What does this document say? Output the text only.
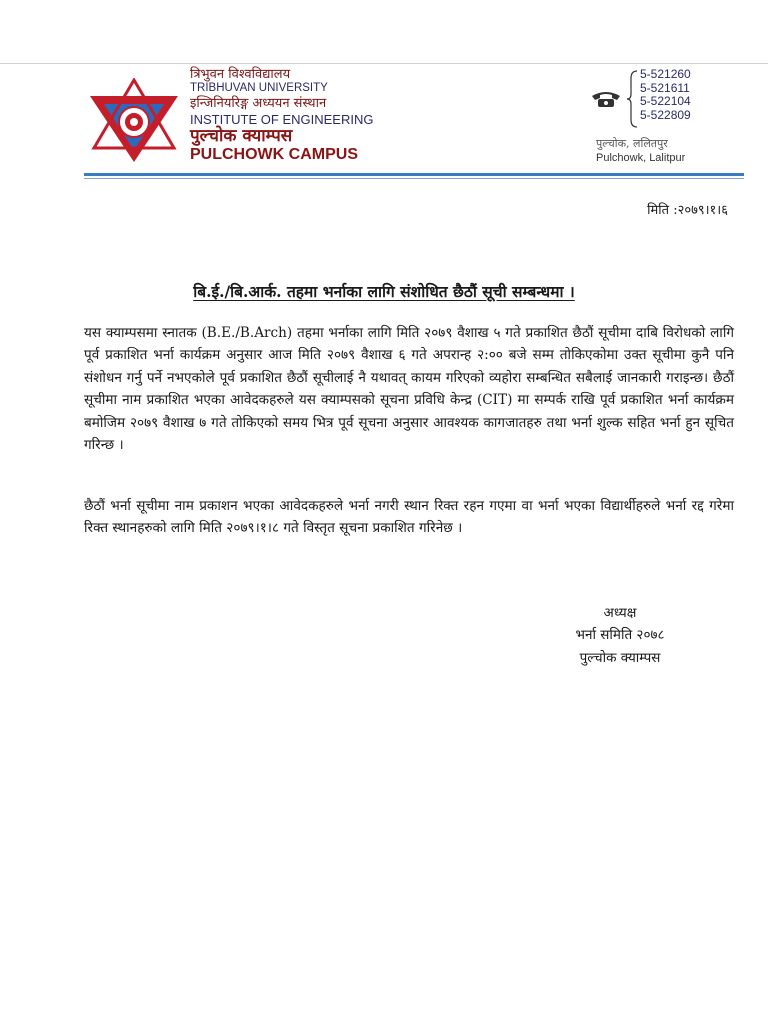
त्रिभुवन विश्वविद्यालय
TRIBHUVAN UNIVERSITY
इन्जिनियरिङ्ग अध्ययन संस्थान
INSTITUTE OF ENGINEERING
पुल्चोक क्याम्पस
PULCHOWK CAMPUS
5-521260
5-521611
5-522104
5-522809
पुल्चोक, ललितपुर
Pulchowk, Lalitpur
मिति :२०७९।१।६
बि.ई./बि.आर्क. तहमा भर्नाका लागि संशोधित छैठौं सूची सम्बन्धमा ।
यस क्याम्पसमा स्नातक (B.E./B.Arch) तहमा भर्नाका लागि मिति २०७९ वैशाख ५ गते प्रकाशित छैठौं सूचीमा दाबि विरोधको लागि पूर्व प्रकाशित भर्ना कार्यक्रम अनुसार आज मिति २०७९ वैशाख ६ गते अपरान्ह २:०० बजे सम्म तोकिएकोमा उक्त सूचीमा कुनै पनि संशोधन गर्नु पर्ने नभएकोले पूर्व प्रकाशित छैठौं सूचीलाई नै यथावत् कायम गरिएको व्यहोरा सम्बन्धित सबैलाई जानकारी गराइन्छ। छैठौं सूचीमा नाम प्रकाशित भएका आवेदकहरुले यस क्याम्पसको सूचना प्रविधि केन्द्र (CIT) मा सम्पर्क राखि पूर्व प्रकाशित भर्ना कार्यक्रम बमोजिम २०७९ वैशाख ७ गते तोकिएको समय भित्र पूर्व सूचना अनुसार आवश्यक कागजातहरु तथा भर्ना शुल्क सहित भर्ना हुन सूचित गरिन्छ ।
छैठौं भर्ना सूचीमा नाम प्रकाशन भएका आवेदकहरुले भर्ना नगरी स्थान रिक्त रहन गएमा वा भर्ना भएका विद्यार्थीहरुले भर्ना रद्द गरेमा रिक्त स्थानहरुको लागि मिति २०७९।१।८ गते विस्तृत सूचना प्रकाशित गरिनेछ ।
अध्यक्ष
भर्ना समिति २०७८
पुल्चोक क्याम्पस
